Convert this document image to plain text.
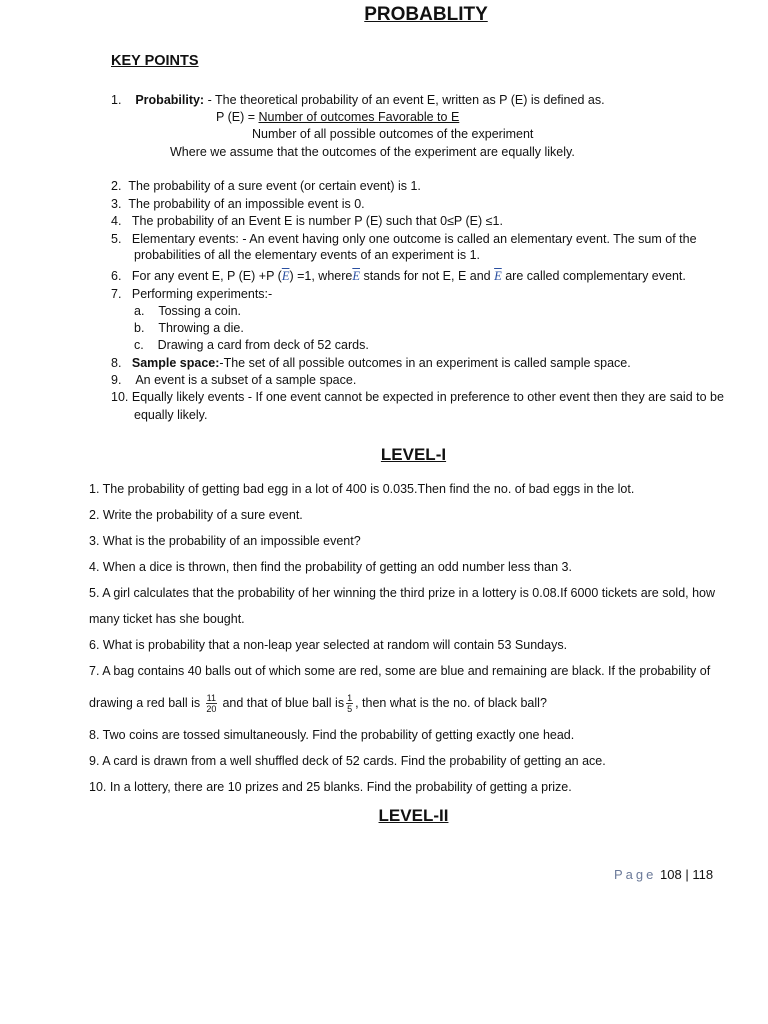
PROBABLITY
KEY POINTS
1. Probability: - The theoretical probability of an event E, written as P (E) is defined as.
P (E) = Number of outcomes Favorable to E
Number of all possible outcomes of the experiment
Where we assume that the outcomes of the experiment are equally likely.
2. The probability of a sure event (or certain event) is 1.
3. The probability of an impossible event is 0.
4. The probability of an Event E is number P (E) such that 0≤P (E) ≤1.
5. Elementary events: - An event having only one outcome is called an elementary event. The sum of the
probabilities of all the elementary events of an experiment is 1.
6. For any event E, P (E) +P $(\overline{E}) =1$, $where\overline{E}$ stands for not E, E and $\overline{E}$ are called complementary event.
7. Performing experiments:-
a. Tossing a coin.
b. Throwing a die.
c. Drawing a card from deck of 52 cards.
8. Sample space:-The set of all possible outcomes in an experiment is called sample space.
9. An event is a subset of a sample space.
10. Equally likely events - If one event cannot be expected in preference to other event then they are said to be
equally likely.
LEVEL-I
1. The probability of getting bad egg in a lot of 400 is 0.035.Then find the no. of bad eggs in the lot.
2. Write the probability of a sure event.
3. What is the probability of an impossible event?
4. When a dice is thrown, then find the probability of getting an odd number less than 3.
5. A girl calculates that the probability of her winning the third prize in a lottery is 0.08.If 6000 tickets are sold, how
many ticket has she bought.
6. What is probability that a non-leap year selected at random will contain 53 Sundays.
7. A bag contains 40 balls out of which some are red, some are blue and remaining are black. If the probability of
drawing a red ball is $\frac{11}{20}$ and that of blue ball is $\frac{1}{5}$ , then what is the no. of black ball?
8. Two coins are tossed simultaneously. Find the probability of getting exactly one head.
9. A card is drawn from a well shuffled deck of 52 cards. Find the probability of getting an ace.
10. In a lottery, there are 10 prizes and 25 blanks. Find the probability of getting a prize.
LEVEL-II
Page 108 | 118
